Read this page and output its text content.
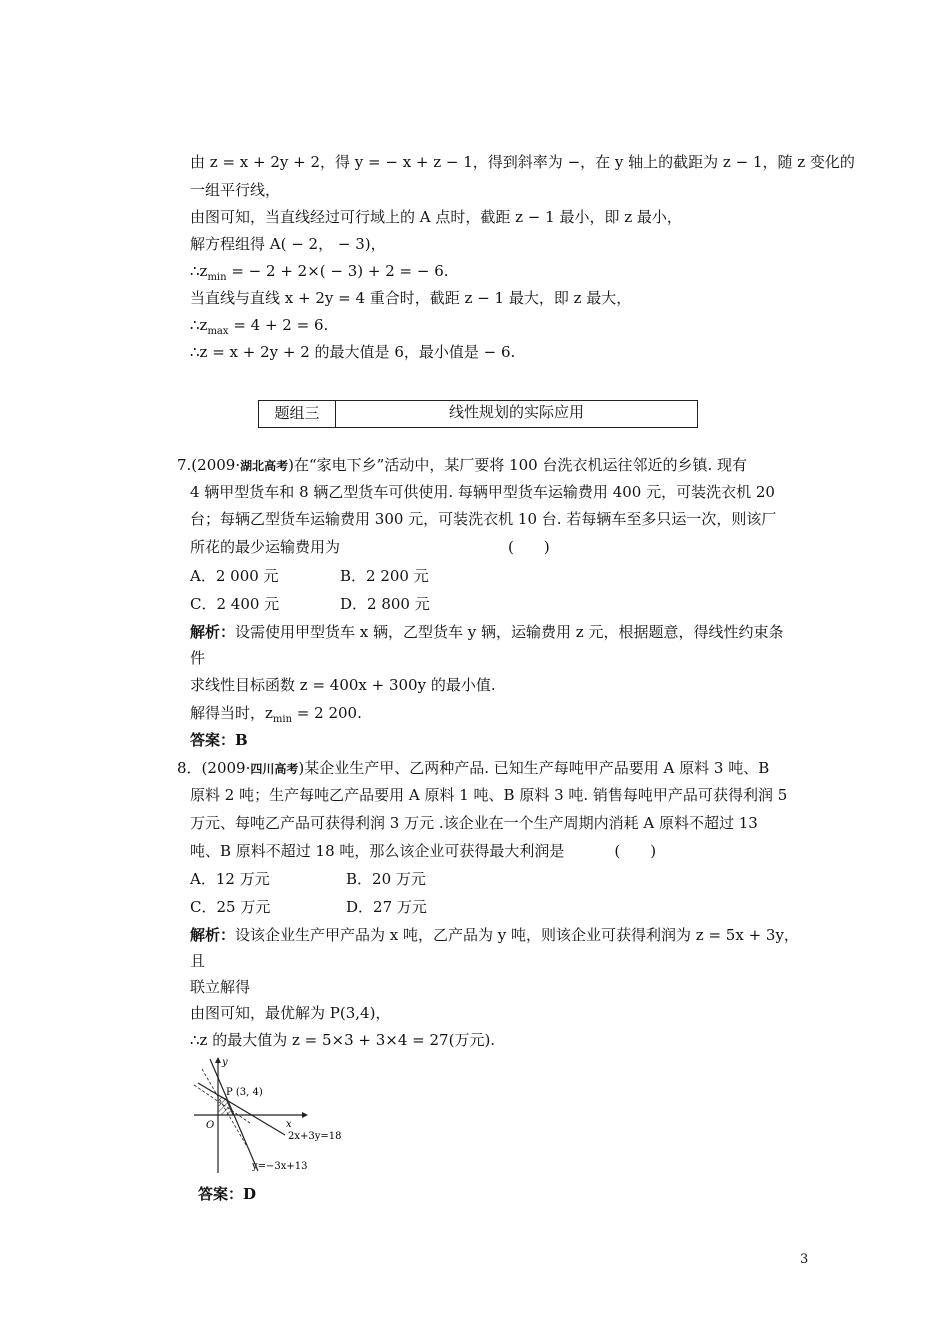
由 z = x + 2y + 2，得 y = − x + z − 1，得到斜率为 −，在 y 轴上的截距为 z − 1，随 z 变化的
一组平行线，
由图可知，当直线经过可行域上的 A 点时，截距 z − 1 最小，即 z 最小，
解方程组得 A( − 2， − 3)，
$\therefore z_{min}$ = − 2 + 2×( − 3) + 2 = − 6.
当直线与直线 x + 2y = 4 重合时，截距 z − 1 最大，即 z 最大，
$\therefore z_{max} = 4 + 2 = 6$.
∴z = x + 2y + 2 的最大值是 6，最小值是 − 6.
题组三	线性规划的实际应用
7.(2009·湖北高考)在“家电下乡”活动中，某厂要将 100 台洗衣机运往邻近的乡镇. 现有
4 辆甲型货车和 8 辆乙型货车可供使用. 每辆甲型货车运输费用 400 元，可装洗衣机 20
台；每辆乙型货车运输费用 300 元，可装洗衣机 10 台. 若每辆车至多只运一次，则该厂
所花的最少运输费用为	(　　)
A．2 000 元	B．2 200 元
C．2 400 元	D．2 800 元
解析：设需使用甲型货车 x 辆，乙型货车 y 辆，运输费用 z 元，根据题意，得线性约束条
件
求线性目标函数 z = 400x + 300y 的最小值.
解得当时，$z_{min} = 2$ 200.
答案：B
8．(2009·四川高考)某企业生产甲、乙两种产品. 已知生产每吨甲产品要用 A 原料 3 吨、B
原料 2 吨；生产每吨乙产品要用 A 原料 1 吨、B 原料 3 吨. 销售每吨甲产品可获得利润 5
万元、每吨乙产品可获得利润 3 万元 .该企业在一个生产周期内消耗 A 原料不超过 13
吨、B 原料不超过 18 吨，那么该企业可获得最大利润是	(　　)
A．12 万元	B．20 万元
C．25 万元	D．27 万元
解析：设该企业生产甲产品为 x 吨，乙产品为 y 吨，则该企业可获得利润为 z = 5x + 3y，
且
联立解得
由图可知，最优解为 P(3,4)，
∴z 的最大值为 z = 5×3 + 3×4 = 27(万元).
y
x
O
P (3, 4)
2x+3y=18
y=−3x+13
答案：D
3
